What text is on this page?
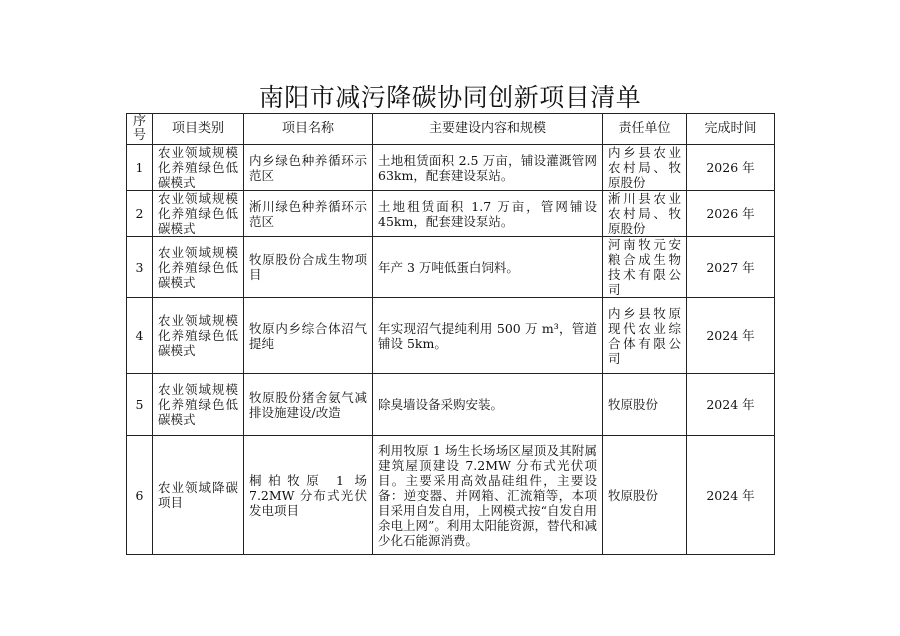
南阳市减污降碳协同创新项目清单
序号	项目类别	项目名称	主要建设内容和规模	责任单位	完成时间
1	农业领域规模化养殖绿色低碳模式	内乡绿色种养循环示范区	土地租赁面积 2.5 万亩，铺设灌溉管网 63km，配套建设泵站。	内乡县农业农村局、牧原股份	2026 年
2	农业领域规模化养殖绿色低碳模式	淅川绿色种养循环示范区	土地租赁面积 1.7 万亩，管网铺设 45km，配套建设泵站。	淅川县农业农村局、牧原股份	2026 年
3	农业领域规模化养殖绿色低碳模式	牧原股份合成生物项目	年产 3 万吨低蛋白饲料。	河南牧元安粮合成生物技术有限公司	2027 年
4	农业领域规模化养殖绿色低碳模式	牧原内乡综合体沼气提纯	年实现沼气提纯利用 500 万 m³，管道铺设 5km。	内乡县牧原现代农业综合体有限公司	2024 年
5	农业领域规模化养殖绿色低碳模式	牧原股份猪舍氨气减排设施建设/改造	除臭墙设备采购安装。	牧原股份	2024 年
6	农业领域降碳项目	桐柏牧原 1 场 7.2MW 分布式光伏发电项目	利用牧原 1 场生长场场区屋顶及其附属建筑屋顶建设 7.2MW 分布式光伏项目。主要采用高效晶硅组件，主要设备：逆变器、并网箱、汇流箱等，本项目采用自发自用，上网模式按“自发自用余电上网”。利用太阳能资源，替代和减少化石能源消费。	牧原股份	2024 年
